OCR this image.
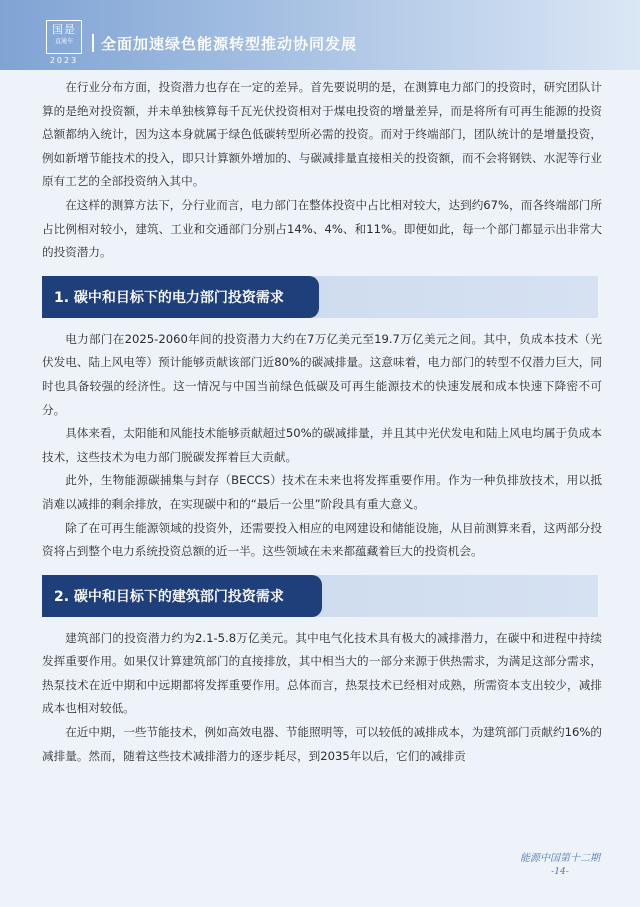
国是
直通车
2023
全面加速绿色能源转型推动协同发展

在行业分布方面，投资潜力也存在一定的差异。首先要说明的是，在测算电力部门的投资时，研究团队计算的是绝对投资额，并未单独核算每千瓦光伏投资相对于煤电投资的增量差异，而是将所有可再生能源的投资总额都纳入统计，因为这本身就属于绿色低碳转型所必需的投资。而对于终端部门，团队统计的是增量投资，例如新增节能技术的投入，即只计算额外增加的、与碳减排量直接相关的投资额，而不会将钢铁、水泥等行业原有工艺的全部投资纳入其中。

在这样的测算方法下，分行业而言，电力部门在整体投资中占比相对较大，达到约67%，而各终端部门所占比例相对较小，建筑、工业和交通部门分别占14%、4%、和11%。即便如此，每一个部门都显示出非常大的投资潜力。

1. 碳中和目标下的电力部门投资需求

电力部门在2025-2060年间的投资潜力大约在7万亿美元至19.7万亿美元之间。其中，负成本技术（光伏发电、陆上风电等）预计能够贡献该部门近80%的碳减排量。这意味着，电力部门的转型不仅潜力巨大，同时也具备较强的经济性。这一情况与中国当前绿色低碳及可再生能源技术的快速发展和成本快速下降密不可分。

具体来看，太阳能和风能技术能够贡献超过50%的碳减排量，并且其中光伏发电和陆上风电均属于负成本技术，这些技术为电力部门脱碳发挥着巨大贡献。

此外，生物能源碳捕集与封存（BECCS）技术在未来也将发挥重要作用。作为一种负排放技术，用以抵消难以减排的剩余排放，在实现碳中和的“最后一公里”阶段具有重大意义。

除了在可再生能源领域的投资外，还需要投入相应的电网建设和储能设施，从目前测算来看，这两部分投资将占到整个电力系统投资总额的近一半。这些领域在未来都蕴藏着巨大的投资机会。

2. 碳中和目标下的建筑部门投资需求

建筑部门的投资潜力约为2.1-5.8万亿美元。其中电气化技术具有极大的减排潜力，在碳中和进程中持续发挥重要作用。如果仅计算建筑部门的直接排放，其中相当大的一部分来源于供热需求，为满足这部分需求，热泵技术在近中期和中远期都将发挥重要作用。总体而言，热泵技术已经相对成熟，所需资本支出较少，减排成本也相对较低。

在近中期，一些节能技术，例如高效电器、节能照明等，可以较低的减排成本，为建筑部门贡献约16%的减排量。然而，随着这些技术减排潜力的逐步耗尽，到2035年以后，它们的减排贡

能源中国第十二期
-14-
